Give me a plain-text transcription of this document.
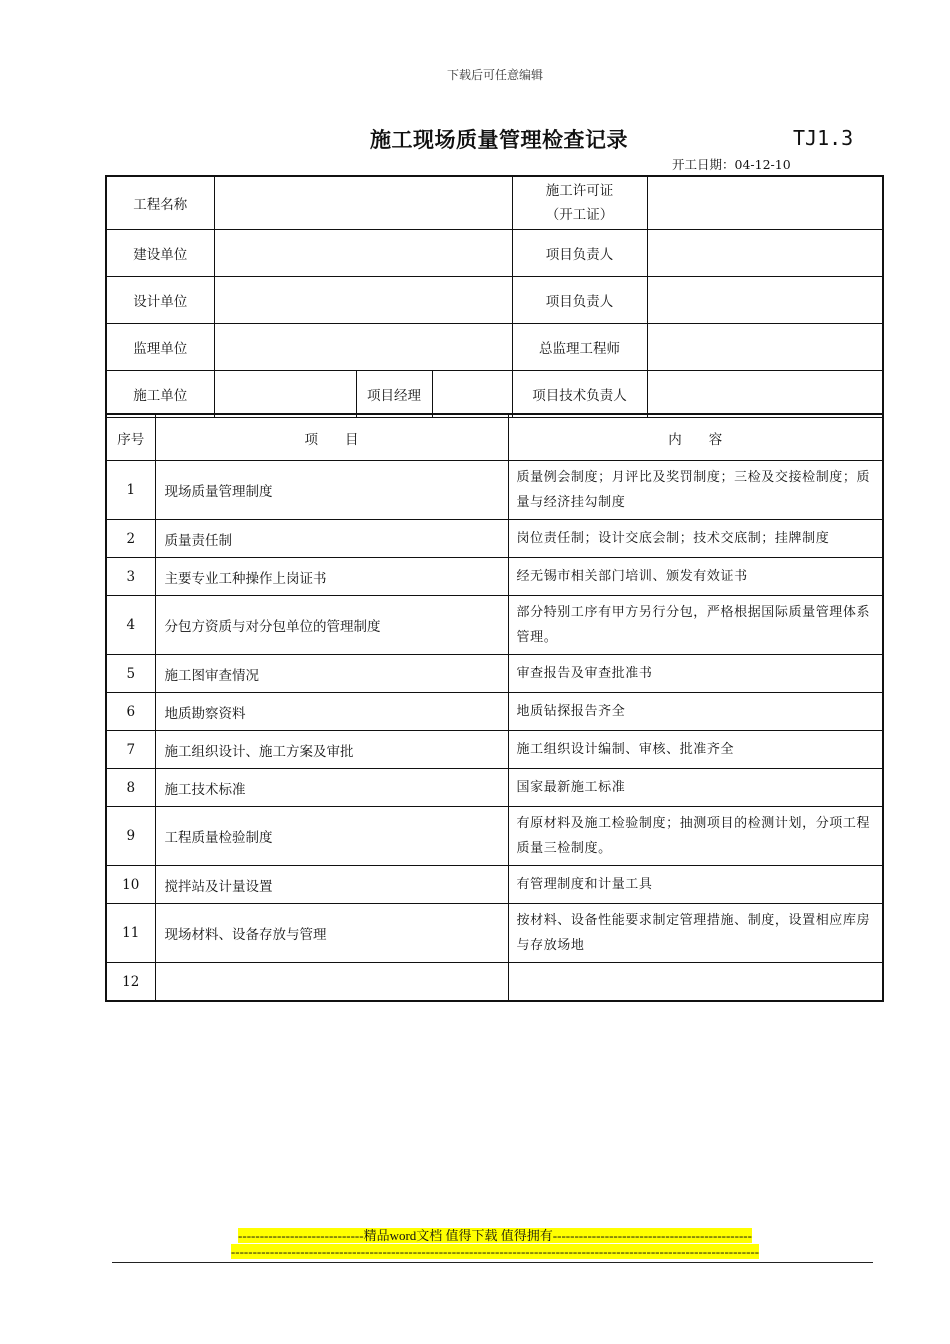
下载后可任意编辑
施工现场质量管理检查记录	TJ1.3
开工日期：04-12-10
工程名称				施工许可证
（开工证）	

建设单位				项目负责人	
设计单位				项目负责人	
监理单位				总监理工程师	
施工单位		项目经理		项目技术负责人	
序号	项　　目	内　　容
1	现场质量管理制度	质量例会制度；月评比及奖罚制度；三检及交接检制度；质量与经济挂勾制度
2	质量责任制	岗位责任制；设计交底会制；技术交底制；挂牌制度
3	主要专业工种操作上岗证书	经无锡市相关部门培训、颁发有效证书
4	分包方资质与对分包单位的管理制度	部分特别工序有甲方另行分包，严格根据国际质量管理体系管理。
5	施工图审查情况	审查报告及审查批准书
6	地质勘察资料	地质钻探报告齐全
7	施工组织设计、施工方案及审批	施工组织设计编制、审核、批准齐全
8	施工技术标准	国家最新施工标准
9	工程质量检验制度	有原材料及施工检验制度；抽测项目的检测计划，分项工程质量三检制度。
10	搅拌站及计量设置	有管理制度和计量工具
11	现场材料、设备存放与管理	按材料、设备性能要求制定管理措施、制度，设置相应库房与存放场地
12		
-----------------------------精品word文档 值得下载 值得拥有----------------------------------------------
--------------------------------------------------------------------------------------------------------------------------
